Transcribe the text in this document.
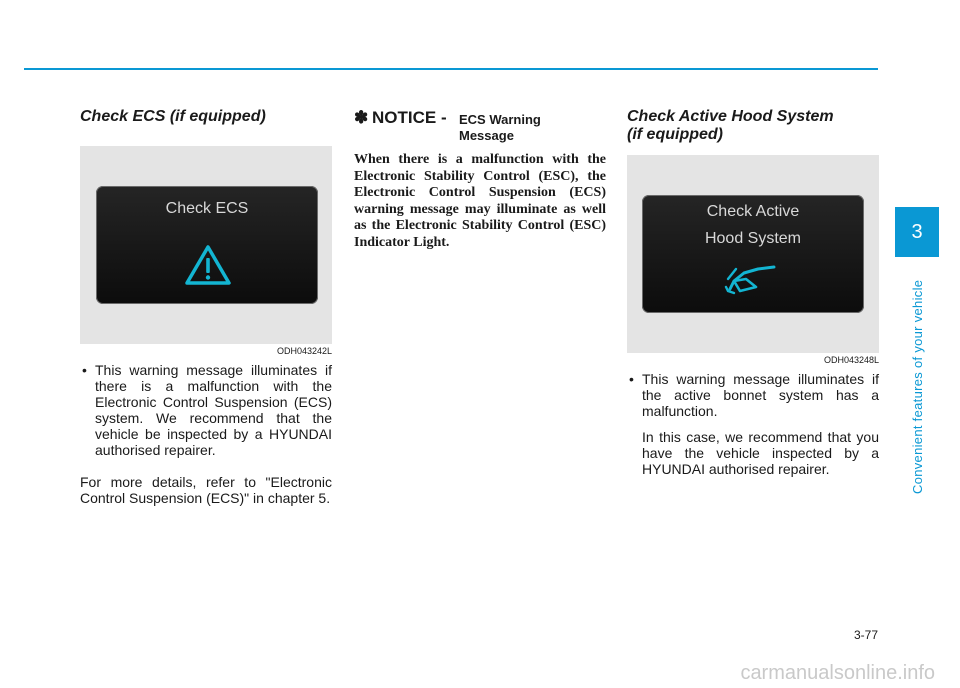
Check ECS (if equipped)
Check ECS
ODH043242L

• This warning message illuminates if there is a malfunction with the Electronic Control Suspension (ECS) system. We recommend that the vehicle be inspected by a HYUNDAI authorised repairer.

For more details, refer to "Electronic Control Suspension (ECS)" in chapter 5.

✽ NOTICE - ECS Warning
Message

When there is a malfunction with the Electronic Stability Control (ESC), the Electronic Control Suspension (ECS) warning message may illuminate as well as the Electronic Stability Control (ESC) Indicator Light.

Check Active Hood System
(if equipped)
Check Active
Hood System
ODH043248L

• This warning message illuminates if the active bonnet system has a malfunction.

In this case, we recommend that you have the vehicle inspected by a HYUNDAI authorised repairer.

3
Convenient features of your vehicle
3-77
carmanualsonline.info
